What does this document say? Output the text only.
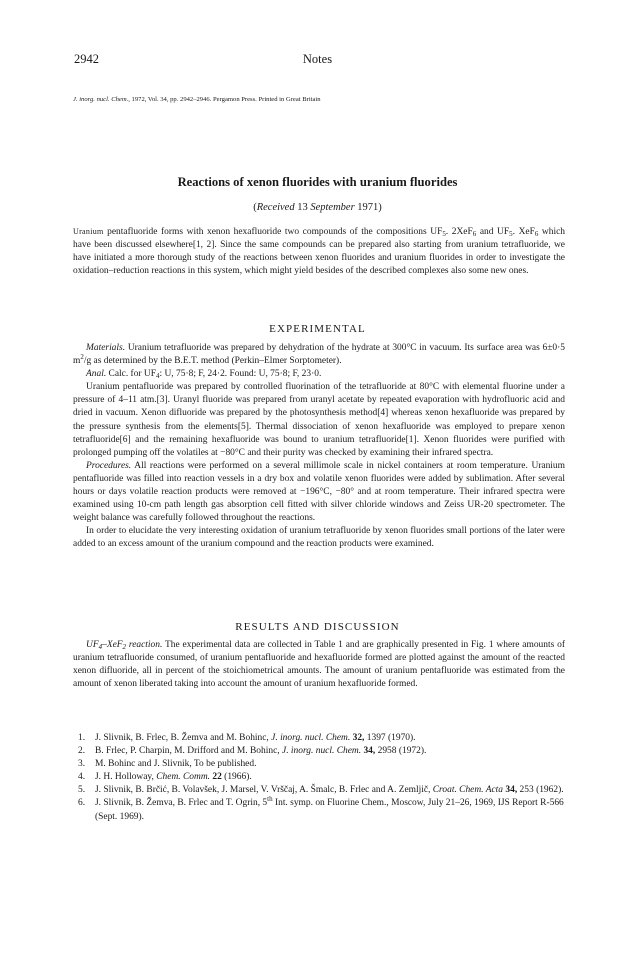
2942	Notes
J. inorg. nucl. Chem., 1972, Vol. 34, pp. 2942–2946. Pergamon Press. Printed in Great Britain
Reactions of xenon fluorides with uranium fluorides
(Received 13 September 1971)

Uranium pentafluoride forms with xenon hexafluoride two compounds of the compositions $UF_5$. 2XeF$_6$ and $UF_5$. XeF$_6$ which have been discussed elsewhere[1, 2]. Since the same compounds can be prepared also starting from uranium tetrafluoride, we have initiated a more thorough study of the reactions between xenon fluorides and uranium fluorides in order to investigate the oxidation–reduction reactions in this system, which might yield besides of the described complexes also some new ones.

EXPERIMENTAL

Materials. Uranium tetrafluoride was prepared by dehydration of the hydrate at 300°C in vacuum. Its surface area was 6±0·5 $m^2/g$ as determined by the B.E.T. method (Perkin–Elmer Sorptometer).

Anal. Calc. for $UF_4$: U, 75·8; F, 24·2. Found: U, 75·8; F, 23·0.

Uranium pentafluoride was prepared by controlled fluorination of the tetrafluoride at 80°C with elemental fluorine under a pressure of 4–11 atm.[3]. Uranyl fluoride was prepared from uranyl acetate by repeated evaporation with hydrofluoric acid and dried in vacuum. Xenon difluoride was prepared by the photosynthesis method[4] whereas xenon hexafluoride was prepared by the pressure synthesis from the elements[5]. Thermal dissociation of xenon hexafluoride was employed to prepare xenon tetrafluoride[6] and the remaining hexafluoride was bound to uranium tetrafluoride[1]. Xenon fluorides were purified with prolonged pumping off the volatiles at −80°C and their purity was checked by examining their infrared spectra.

Procedures. All reactions were performed on a several millimole scale in nickel containers at room temperature. Uranium pentafluoride was filled into reaction vessels in a dry box and volatile xenon fluorides were added by sublimation. After several hours or days volatile reaction products were removed at −196°C, −80° and at room temperature. Their infrared spectra were examined using 10-cm path length gas absorption cell fitted with silver chloride windows and Zeiss UR-20 spectrometer. The weight balance was carefully followed throughout the reactions.

In order to elucidate the very interesting oxidation of uranium tetrafluoride by xenon fluorides small portions of the later were added to an excess amount of the uranium compound and the reaction products were examined.

RESULTS AND DISCUSSION

$UF_4-XeF_2$ reaction. The experimental data are collected in Table 1 and are graphically presented in Fig. 1 where amounts of uranium tetrafluoride consumed, of uranium pentafluoride and hexafluoride formed are plotted against the amount of the reacted xenon difluoride, all in percent of the stoichiometrical amounts. The amount of uranium pentafluoride was estimated from the amount of xenon liberated taking into account the amount of uranium hexafluoride formed.

1. J. Slivnik, B. Frlec, B. Žemva and M. Bohinc, J. inorg. nucl. Chem. 32, 1397 (1970).
2. B. Frlec, P. Charpin, M. Drifford and M. Bohinc, J. inorg. nucl. Chem. 34, 2958 (1972).
3. M. Bohinc and J. Slivnik, To be published.
4. J. H. Holloway, Chem. Comm. 22 (1966).
5. J. Slivnik, B. Brčić, B. Volavšek, J. Marsel, V. Vrščaj, A. Šmalc, B. Frlec and A. Zemljič, Croat. Chem. Acta 34, 253 (1962).
6. J. Slivnik, B. Žemva, B. Frlec and T. Ogrin, 5th Int. symp. on Fluorine Chem., Moscow, July 21–26, 1969, IJS Report R-566 (Sept. 1969).
